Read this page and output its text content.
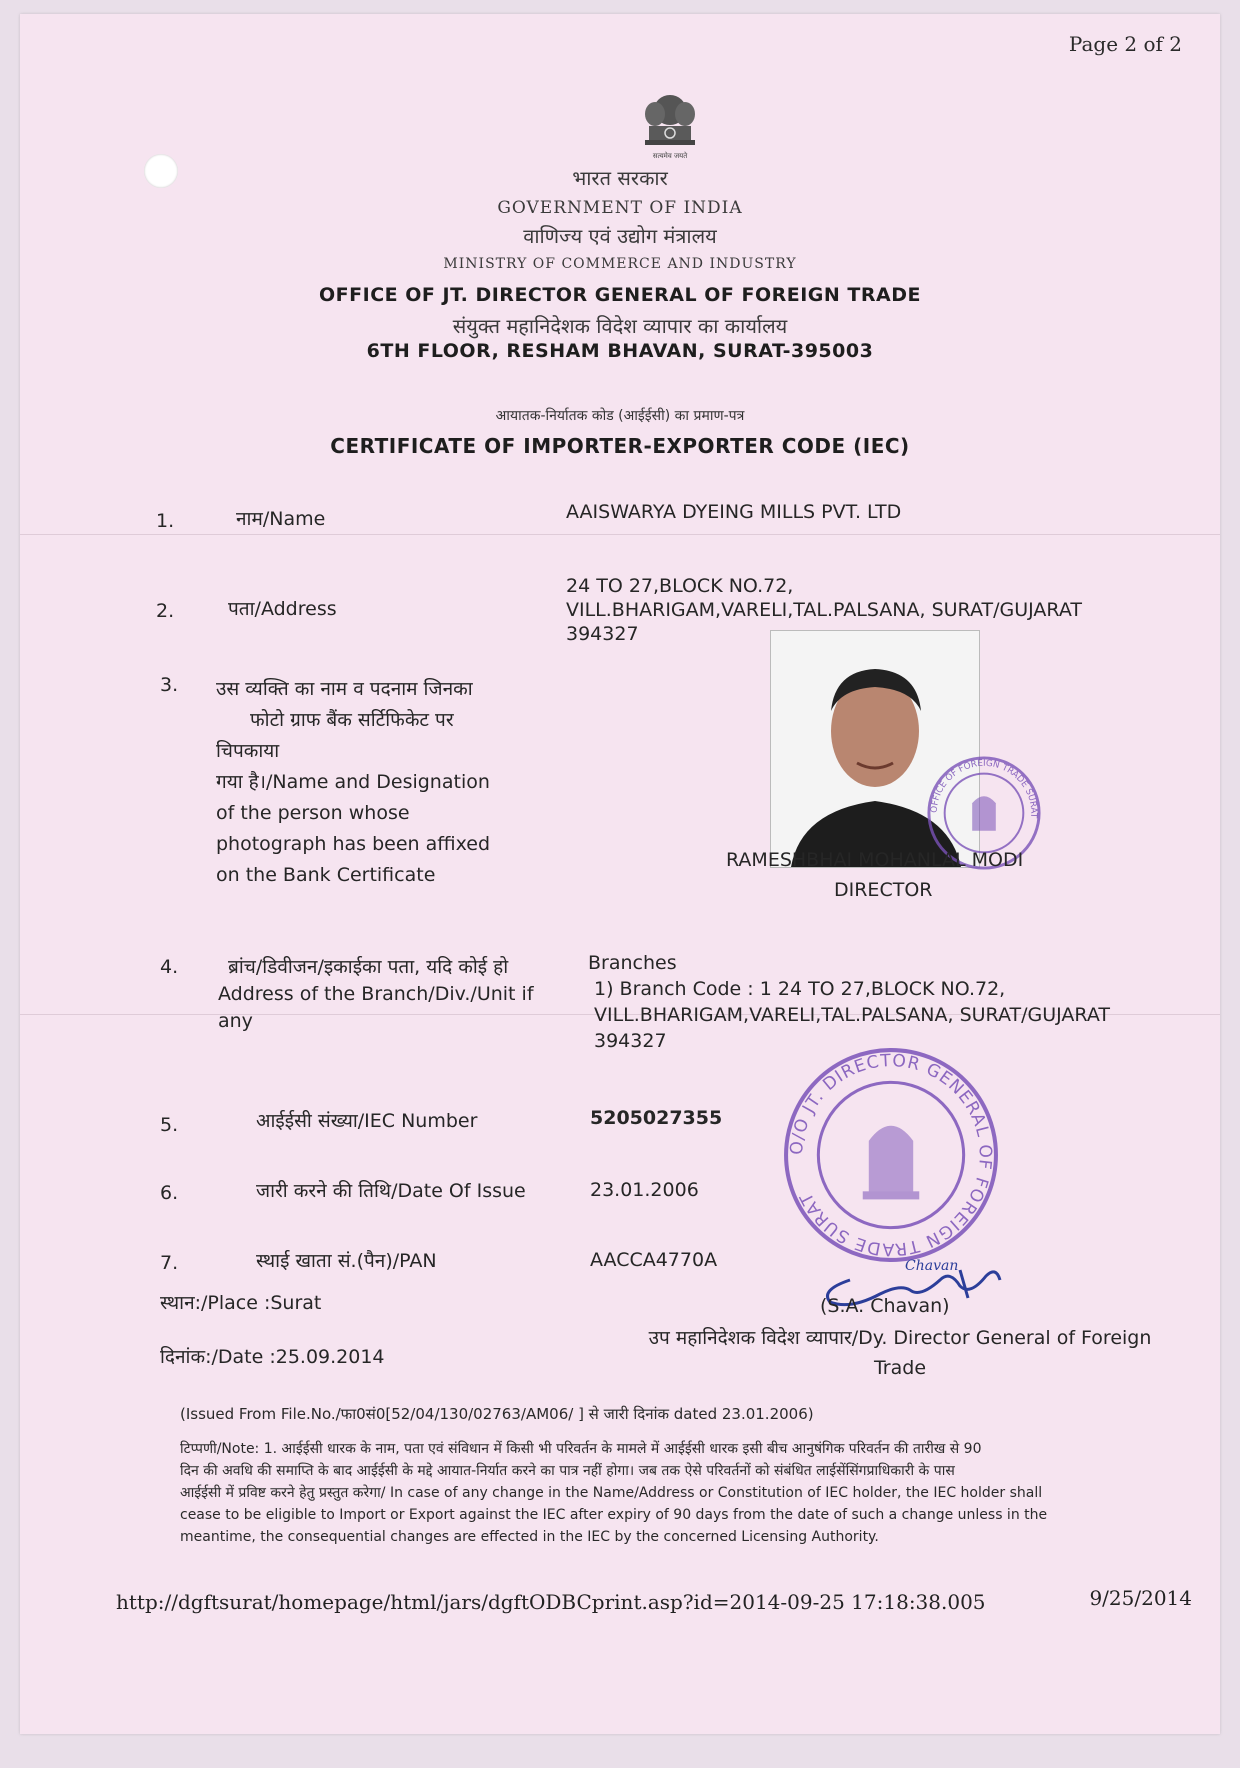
Page 2 of 2
सत्यमेव जयते
भारत सरकार
GOVERNMENT OF INDIA
वाणिज्य एवं उद्योग मंत्रालय
MINISTRY OF COMMERCE AND INDUSTRY
OFFICE OF JT. DIRECTOR GENERAL OF FOREIGN TRADE
संयुक्त महानिदेशक विदेश व्यापार का कार्यालय
6TH FLOOR, RESHAM BHAVAN, SURAT-395003
आयातक-निर्यातक कोड (आईईसी) का प्रमाण-पत्र
CERTIFICATE OF IMPORTER-EXPORTER CODE (IEC)
1.	नाम/Name	AAISWARYA DYEING MILLS PVT. LTD
2.	पता/Address
24 TO 27,BLOCK NO.72,
VILL.BHARIGAM,VARELI,TAL.PALSANA, SURAT/GUJARAT
394327
3. उस व्यक्ति का नाम व पदनाम जिनका
फोटो ग्राफ बैंक सर्टिफिकेट पर
चिपकाया
गया है।/Name and Designation
of the person whose
photograph has been affixed
on the Bank Certificate
OFFICE OF FOREIGN TRADE SURAT
RAMESHBHAI MOHANLAL MODI
DIRECTOR
4.	ब्रांच/डिवीजन/इकाईका पता, यदि कोई हो
Address of the Branch/Div./Unit if
any
Branches
1) Branch Code : 1 24 TO 27,BLOCK NO.72,
VILL.BHARIGAM,VARELI,TAL.PALSANA, SURAT/GUJARAT
394327
O/O JT. DIRECTOR GENERAL OF FOREIGN TRADE SURAT
5.	आईईसी संख्या/IEC Number	5205027355
6.	जारी करने की तिथि/Date Of Issue	23.01.2006
7.	स्थाई खाता सं.(पैन)/PAN	AACCA4770A
स्थान:/Place :Surat
दिनांक:/Date :25.09.2014
Chavan
(S.A. Chavan)
उप महानिदेशक विदेश व्यापार/Dy. Director General of Foreign
Trade
(Issued From File.No./फा0सं0[52/04/130/02763/AM06/ ] से जारी दिनांक dated 23.01.2006)
टिप्पणी/Note: 1. आईईसी धारक के नाम, पता एवं संविधान में किसी भी परिवर्तन के मामले में आईईसी धारक इसी बीच आनुषंगिक परिवर्तन की तारीख से 90
दिन की अवधि की समाप्ति के बाद आईईसी के मद्दे आयात-निर्यात करने का पात्र नहीं होगा। जब तक ऐसे परिवर्तनों को संबंधित लाईसेंसिंगप्राधिकारी के पास
आईईसी में प्रविष्ट करने हेतु प्रस्तुत करेगा/ In case of any change in the Name/Address or Constitution of IEC holder, the IEC holder shall
cease to be eligible to Import or Export against the IEC after expiry of 90 days from the date of such a change unless in the
meantime, the consequential changes are effected in the IEC by the concerned Licensing Authority.
http://dgftsurat/homepage/html/jars/dgftODBCprint.asp?id=2014-09-25 17:18:38.005	9/25/2014
